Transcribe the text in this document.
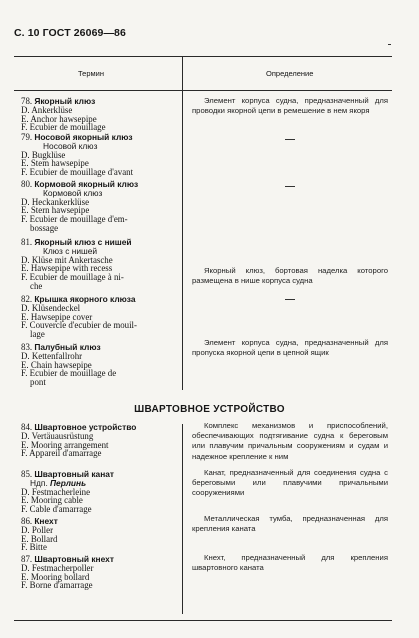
С. 10 ГОСТ 26069—86
Термин	Определение
78. Якорный клюз
D. Ankerklüse
E. Anchor hawsepipe
F. Ecubier de mouillage
Элемент корпуса судна, предназначенный для проводки якорной цепи в ремешение в нем якоря
79. Носовой якорный клюз
Носовой клюз
D. Bugklüse
E. Stem hawsepipe
F. Ecubier de mouillage d'avant
80. Кормовой якорный клюз
Кормовой клюз
D. Heckankerklüse
E. Stern hawsepipe
F. Ecubier de mouillage d'em-
bossage
81. Якорный клюз с нишей
Клюз с нишей
D. Klüse mit Ankertasche
E. Hawsepipe with recess
F. Ecubier de mouillage à ni-
che
Якорный клюз, бортовая наделка которого размещена в нише корпуса судна
82. Крышка якорного клюза
D. Klüsendeckel
E. Hawsepipe cover
F. Couvercle d'ecubier de mouil-
lage
83. Палубный клюз
D. Kettenfallrohr
E. Chain hawsepipe
F. Ecubier de mouillage de
pont
Элемент корпуса судна, предназначенный для пропуска якорной цепи в цепной ящик
ШВАРТОВНОЕ УСТРОЙСТВО
84. Швартовное устройство
D. Vertäuausrüstung
E. Mooring arrangement
F. Appareil d'amarrage
Комплекс механизмов и приспособлений, обеспечивающих подтягивание судна к береговым или плавучим причальным сооружениям и судам и надежное крепление к ним
85. Швартовный канат
Ндп. Перлинь
D. Festmacherleine
E. Mooring cable
F. Cable d'amarrage
Канат, предназначенный для соединения судна с береговыми или плавучими причальными сооружениями
86. Кнехт
D. Poller
E. Bollard
F. Bitte
Металлическая тумба, предназначенная для крепления каната
87. Швартовный кнехт
D. Festmacherpoller
E. Mooring bollard
F. Borne d'amarrage
Кнехт, предназначенный для крепления швартовного каната
